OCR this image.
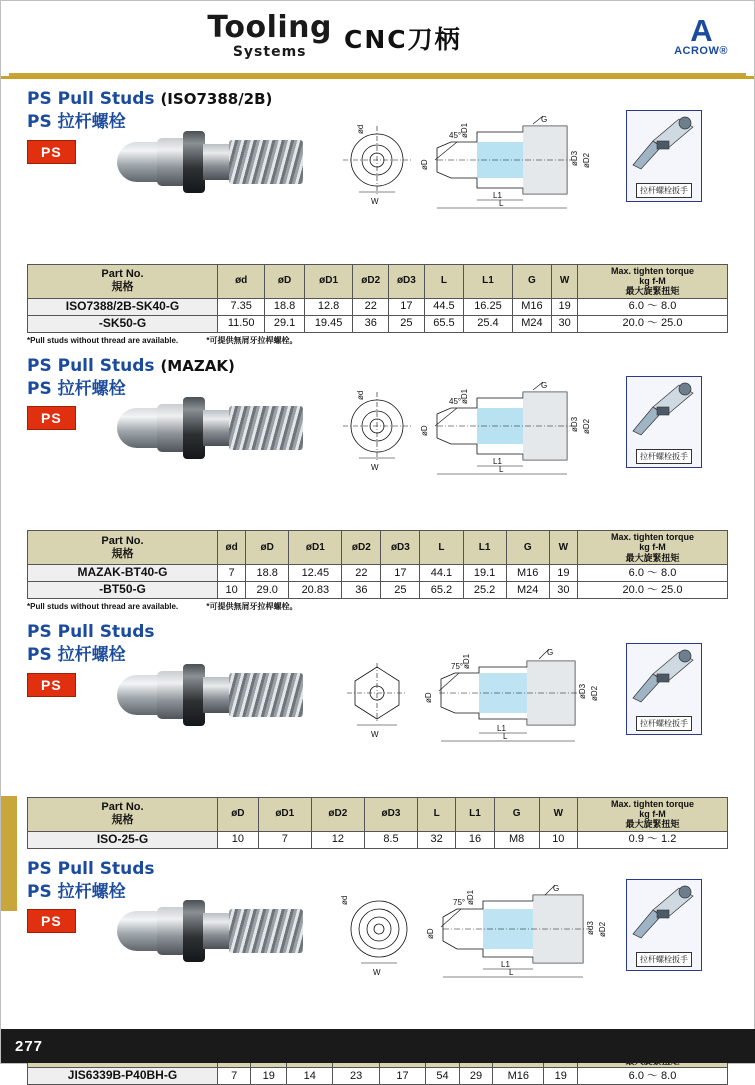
Tooling
Systems	CNC刀柄	A
ACROW®
PS Pull Studs (ISO7388/2B)
PS 拉杆螺栓
PS
W
ød
45°
øD
øD1
øD3 øD2
G
L1
L
拉杆螺栓扳手
Part No.
規格
	ød	øD	øD1	øD2	øD3	L	L1	G	W	
Max. tighten torque
kg f-M
最大旋緊扭矩

ISO7388/2B-SK40-G	7.35	18.8	12.8	22	17	44.5	16.25	M16	19	6.0 ～ 8.0
-SK50-G	11.50	29.1	19.45	36	25	65.5	25.4	M24	30	20.0 ～ 25.0

*Pull studs without thread are available.	*可提供無屑牙拉桿螺栓。

PS Pull Studs (MAZAK)
PS 拉杆螺栓
PS
W
ød
45°
øD
øD1
øD3 øD2
G
L1
L
拉杆螺栓扳手
Part No.
規格
	ød	øD	øD1	øD2	øD3	L	L1	G	W	
Max. tighten torque
kg f-M
最大旋緊扭矩

MAZAK-BT40-G	7	18.8	12.45	22	17	44.1	19.1	M16	19	6.0 ～ 8.0
-BT50-G	10	29.0	20.83	36	25	65.2	25.2	M24	30	20.0 ～ 25.0

*Pull studs without thread are available.	*可提供無屑牙拉桿螺栓。

PS Pull Studs
PS 拉杆螺栓
PS
W
75°
øD
øD1
øD3 øD2
G
L1
L
拉杆螺栓扳手
Part No.
規格
	øD	øD1	øD2	øD3	L	L1	G	W	
Max. tighten torque
kg f-M
最大旋緊扭矩

ISO-25-G	10	7	12	8.5	32	16	M8	10	0.9 ～ 1.2
PS Pull Studs
PS 拉杆螺栓
PS
W
ød	75°
øD
øD1
ød3 øD2
G
L1
L
拉杆螺栓扳手

JIS6339B-P40BH-G	7	19	14	23	17	54	29	M16	19	6.0 ～ 8.0
277
